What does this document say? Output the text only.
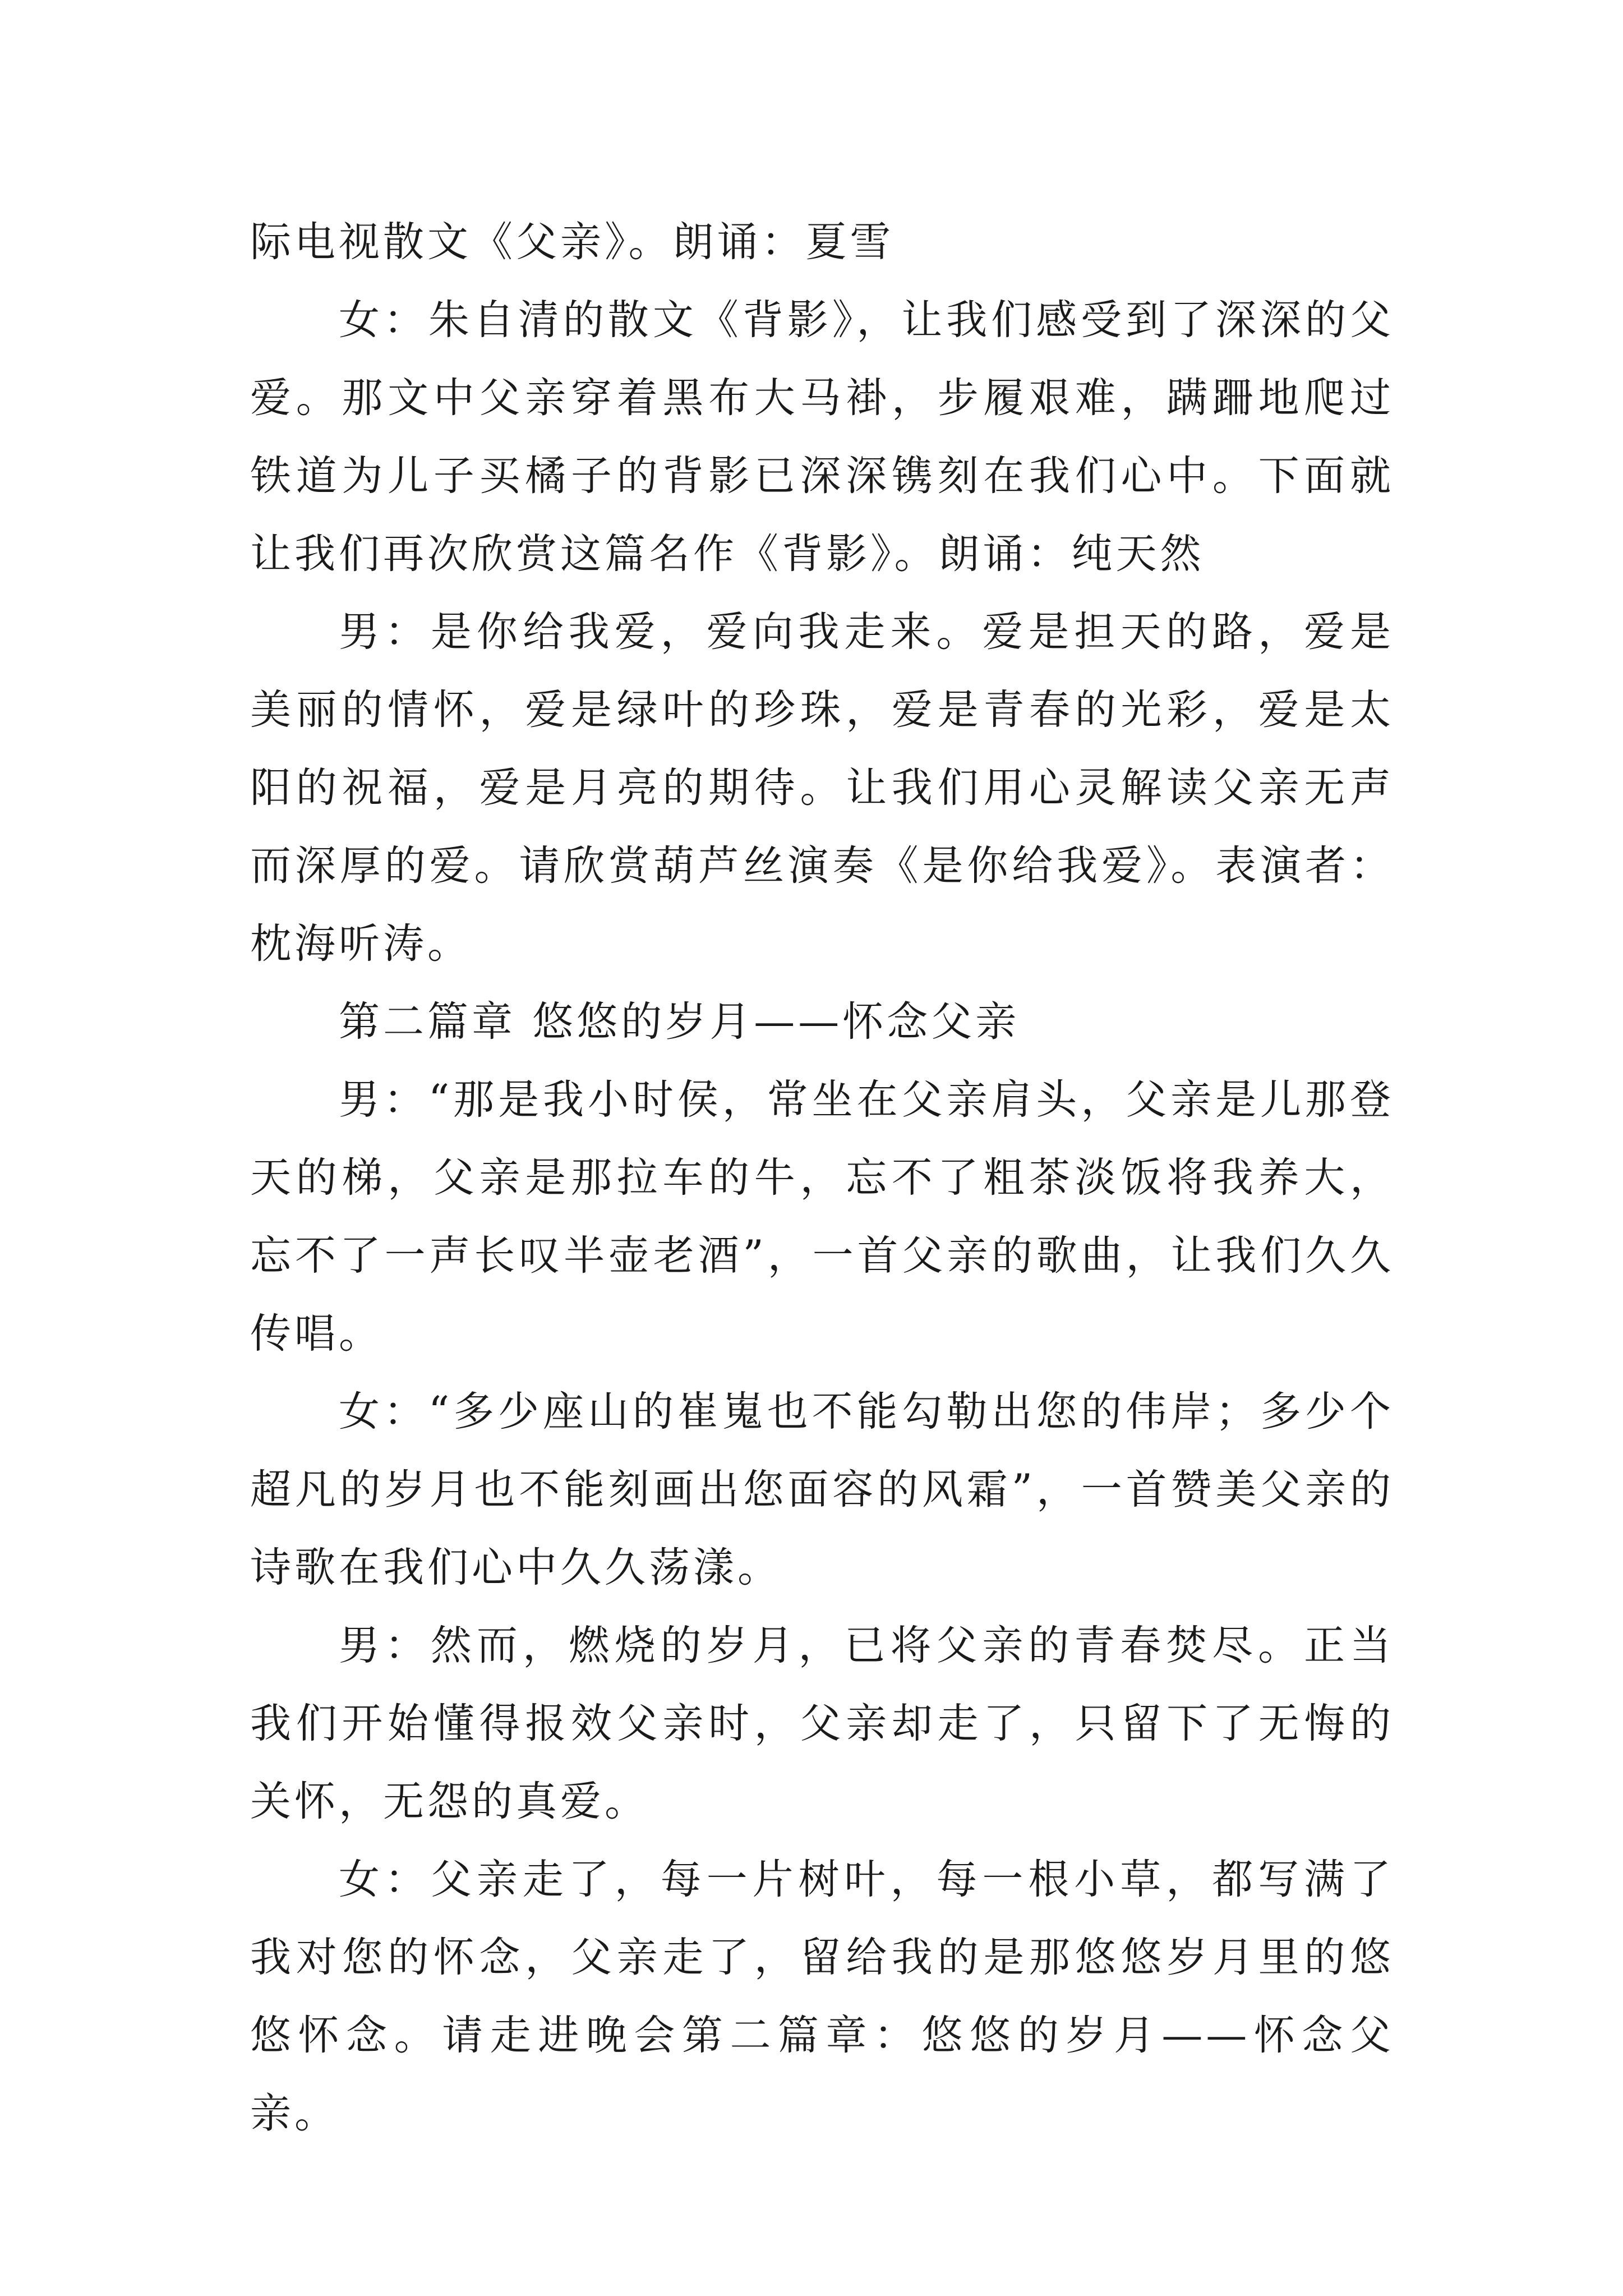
际电视散文《父亲》。朗诵：夏雪

女：朱自清的散文《背影》，让我们感受到了深深的父爱。那文中父亲穿着黑布大马褂，步履艰难，蹒跚地爬过铁道为儿子买橘子的背影已深深镌刻在我们心中。下面就让我们再次欣赏这篇名作《背影》。朗诵：纯天然

男：是你给我爱，爱向我走来。爱是担天的路，爱是美丽的情怀，爱是绿叶的珍珠，爱是青春的光彩，爱是太阳的祝福，爱是月亮的期待。让我们用心灵解读父亲无声而深厚的爱。请欣赏葫芦丝演奏《是你给我爱》。表演者：枕海听涛。

第二篇章 悠悠的岁月——怀念父亲

男：“那是我小时侯，常坐在父亲肩头，父亲是儿那登天的梯，父亲是那拉车的牛，忘不了粗茶淡饭将我养大，忘不了一声长叹半壶老酒”，一首父亲的歌曲，让我们久久传唱。

女：“多少座山的崔嵬也不能勾勒出您的伟岸；多少个超凡的岁月也不能刻画出您面容的风霜”，一首赞美父亲的诗歌在我们心中久久荡漾。

男：然而，燃烧的岁月，已将父亲的青春焚尽。正当我们开始懂得报效父亲时，父亲却走了，只留下了无悔的关怀，无怨的真爱。

女：父亲走了，每一片树叶，每一根小草，都写满了我对您的怀念，父亲走了，留给我的是那悠悠岁月里的悠悠怀念。请走进晚会第二篇章：悠悠的岁月——怀念父亲。
